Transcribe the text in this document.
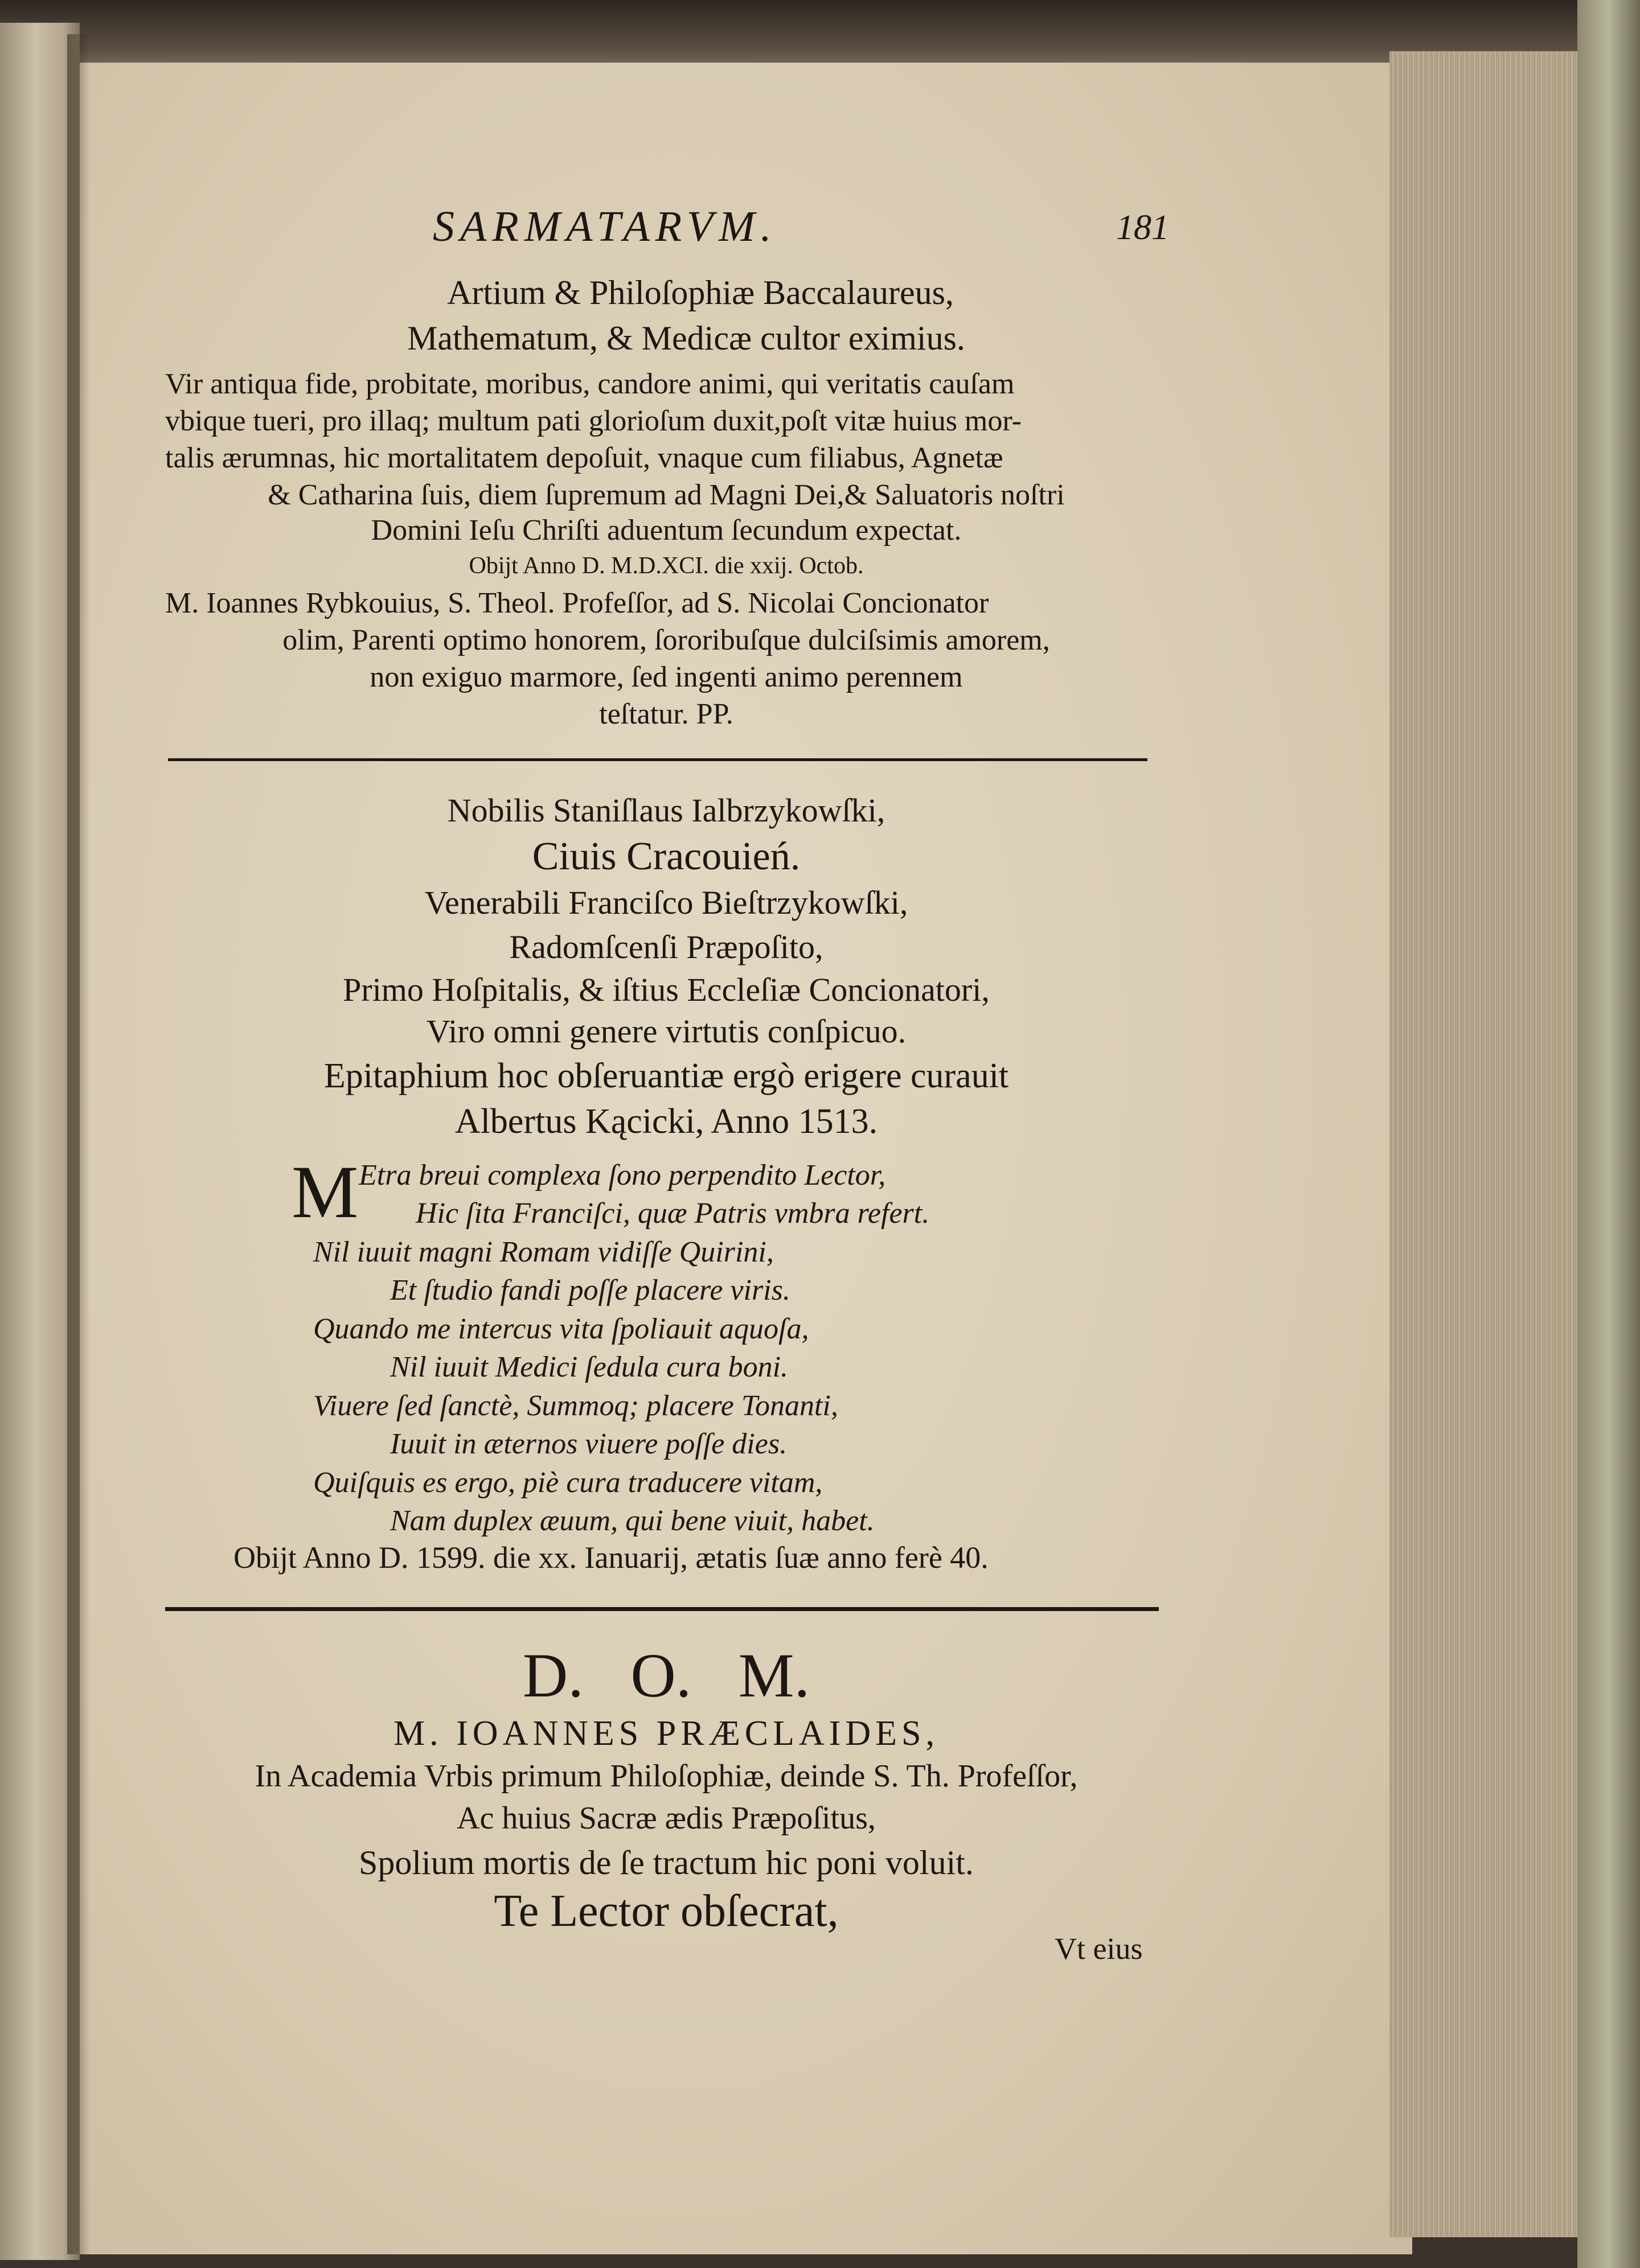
SARMATARVM.	181
Artium & Philoſophiæ Baccalaureus,
Mathematum, & Medicæ cultor eximius.
Vir antiqua fide, probitate, moribus, candore animi, qui veritatis cauſam
vbique tueri, pro illaq; multum pati glorioſum duxit,poſt vitæ huius mor-
talis ærumnas, hic mortalitatem depoſuit, vnaque cum filiabus, Agnetæ
& Catharina ſuis, diem ſupremum ad Magni Dei,& Saluatoris noſtri
Domini Ieſu Chriſti aduentum ſecundum expectat.
Obijt Anno D. M.D.XCI. die xxij. Octob.
M. Ioannes Rybkouius, S. Theol. Profeſſor, ad S. Nicolai Concionator
olim, Parenti optimo honorem, ſororibuſque dulciſsimis amorem,
non exiguo marmore, ſed ingenti animo perennem
teſtatur. PP.
Nobilis Staniſlaus Ialbrzykowſki,
Ciuis Cracouień.
Venerabili Franciſco Bieſtrzykowſki,
Radomſcenſi Præpoſito,
Primo Hoſpitalis, & iſtius Eccleſiæ Concionatori,
Viro omni genere virtutis conſpicuo.
Epitaphium hoc obſeruantiæ ergò erigere curauit
Albertus Kącicki, Anno 1513.
M Etra breui complexa ſono perpendito Lector,
Hic ſita Franciſci, quæ Patris vmbra refert.
Nil iuuit magni Romam vidiſſe Quirini,
Et ſtudio fandi poſſe placere viris.
Quando me intercus vita ſpoliauit aquoſa,
Nil iuuit Medici ſedula cura boni.
Viuere ſed ſanctè, Summoq; placere Tonanti,
Iuuit in æternos viuere poſſe dies.
Quiſquis es ergo, piè cura traducere vitam,
Nam duplex æuum, qui bene viuit, habet.
Obijt Anno D. 1599. die xx. Ianuarij, ætatis ſuæ anno ferè 40.
D.   O.   M.
M. IOANNES PRÆCLAIDES,
In Academia Vrbis primum Philoſophiæ, deinde S. Th. Profeſſor,
Ac huius Sacræ ædis Præpoſitus,
Spolium mortis de ſe tractum hic poni voluit.
Te Lector obſecrat,
Vt eius
